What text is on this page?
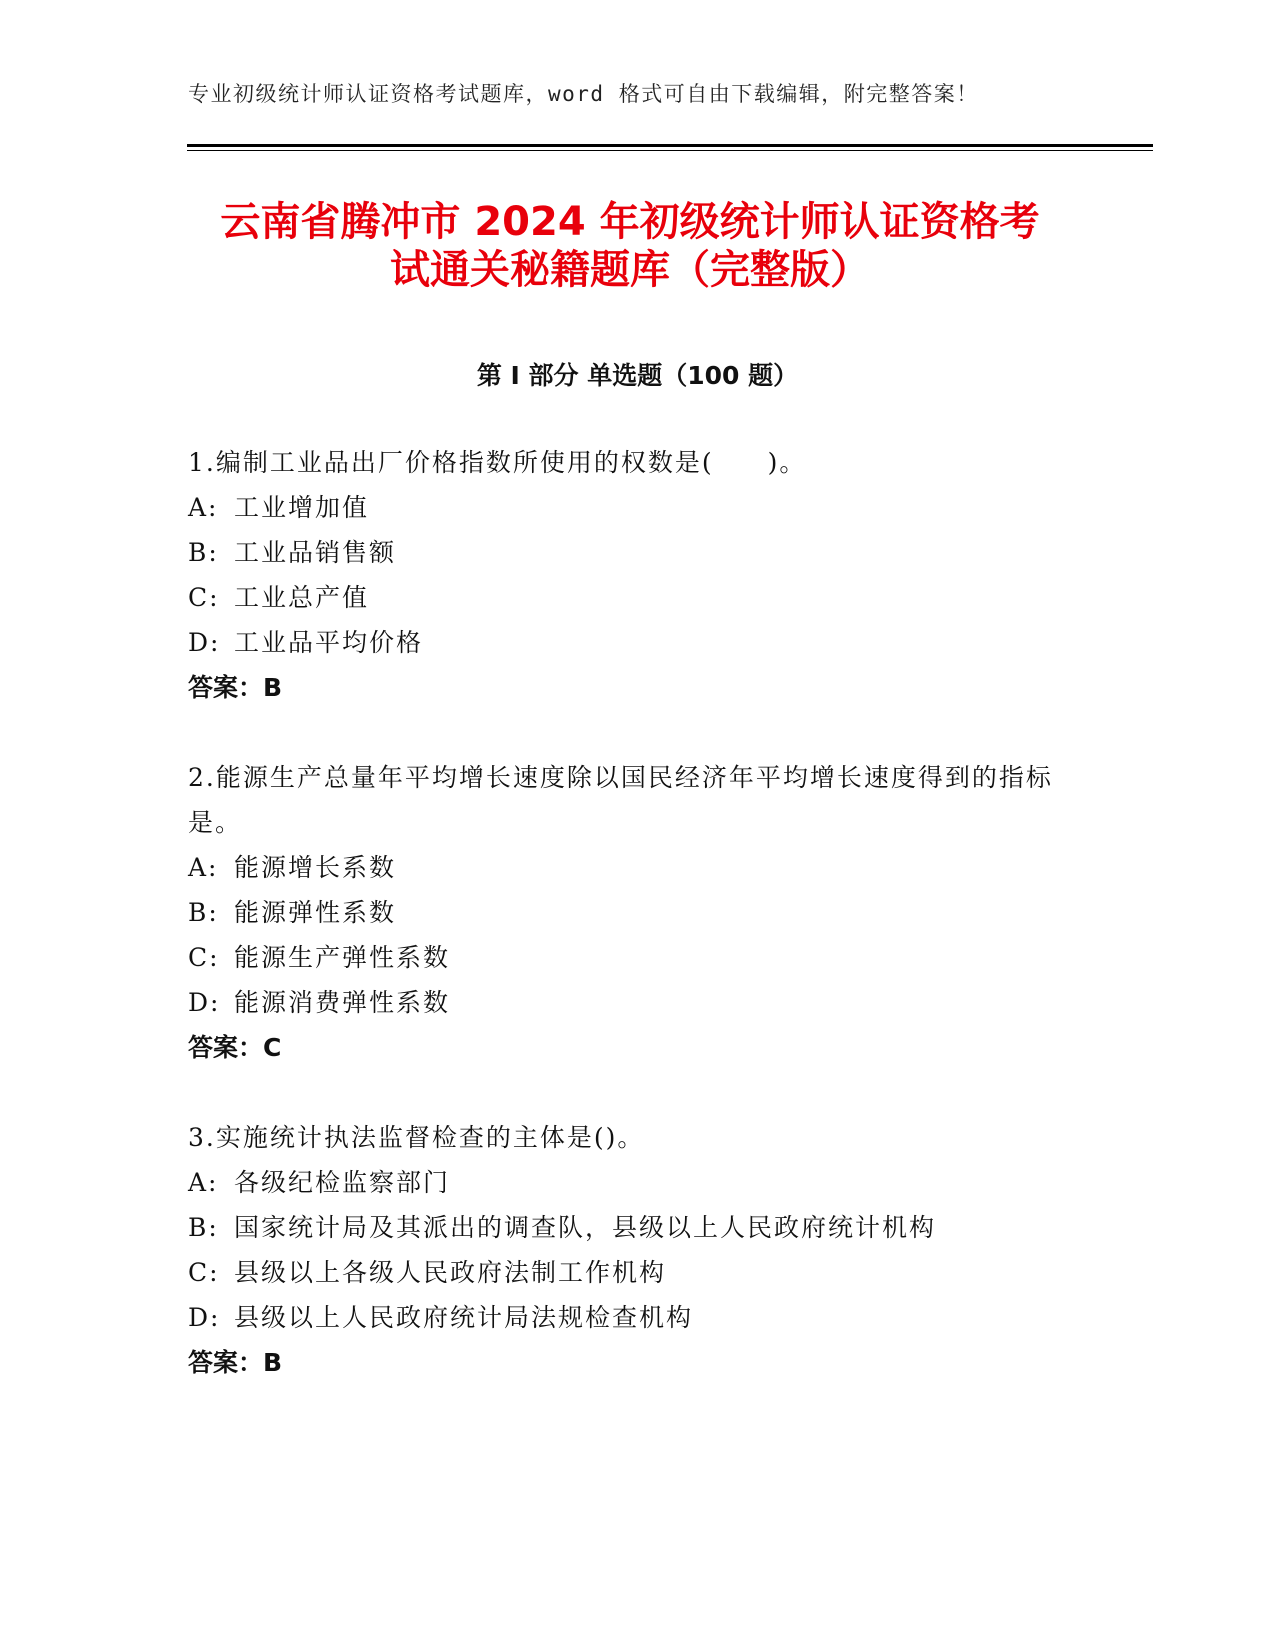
专业初级统计师认证资格考试题库，word 格式可自由下载编辑，附完整答案！
云南省腾冲市 2024 年初级统计师认证资格考
试通关秘籍题库（完整版）
第 I 部分 单选题（100 题）

1.编制工业品出厂价格指数所使用的权数是(　　)。

A: 工业增加值
B: 工业品销售额
C: 工业总产值
D: 工业品平均价格
答案：B

2.能源生产总量年平均增长速度除以国民经济年平均增长速度得到的指标是。

A: 能源增长系数
B: 能源弹性系数
C: 能源生产弹性系数
D: 能源消费弹性系数
答案：C

3.实施统计执法监督检查的主体是()。

A: 各级纪检监察部门
B: 国家统计局及其派出的调查队，县级以上人民政府统计机构
C: 县级以上各级人民政府法制工作机构
D: 县级以上人民政府统计局法规检查机构
答案：B
